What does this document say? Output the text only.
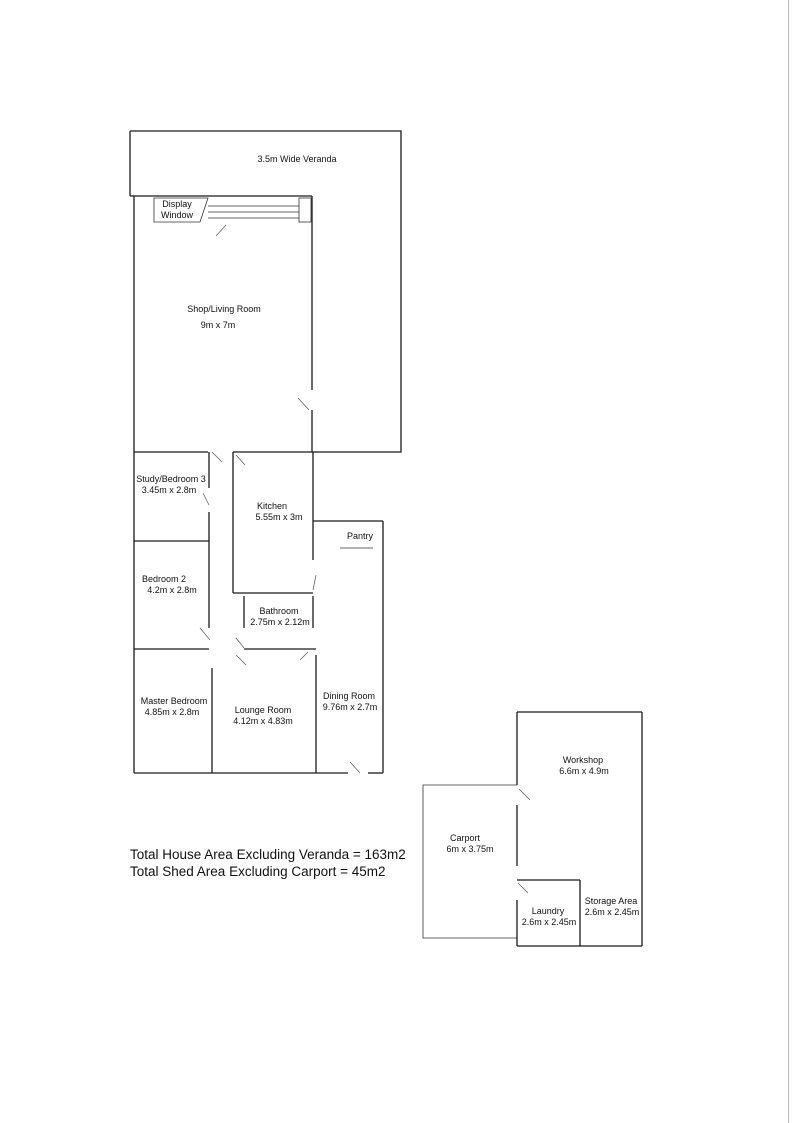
3.5m Wide Veranda
Display
Window
Shop/Living Room
9m x 7m
Study/Bedroom 3
3.45m x 2.8m
Kitchen
5.55m x 3m
Pantry
Bedroom 2
4.2m x 2.8m
Bathroom
2.75m x 2.12m
Master Bedroom
4.85m x 2.8m	Lounge Room
4.12m x 4.83m
Dining Room
9.76m x 2.7m
Workshop
6.6m x 4.9m
Carport
6m x 3.75m
Laundry
2.6m x 2.45m
Storage Area
2.6m x 2.45m
Total House Area Excluding Veranda = 163m2
Total Shed Area Excluding Carport = 45m2
